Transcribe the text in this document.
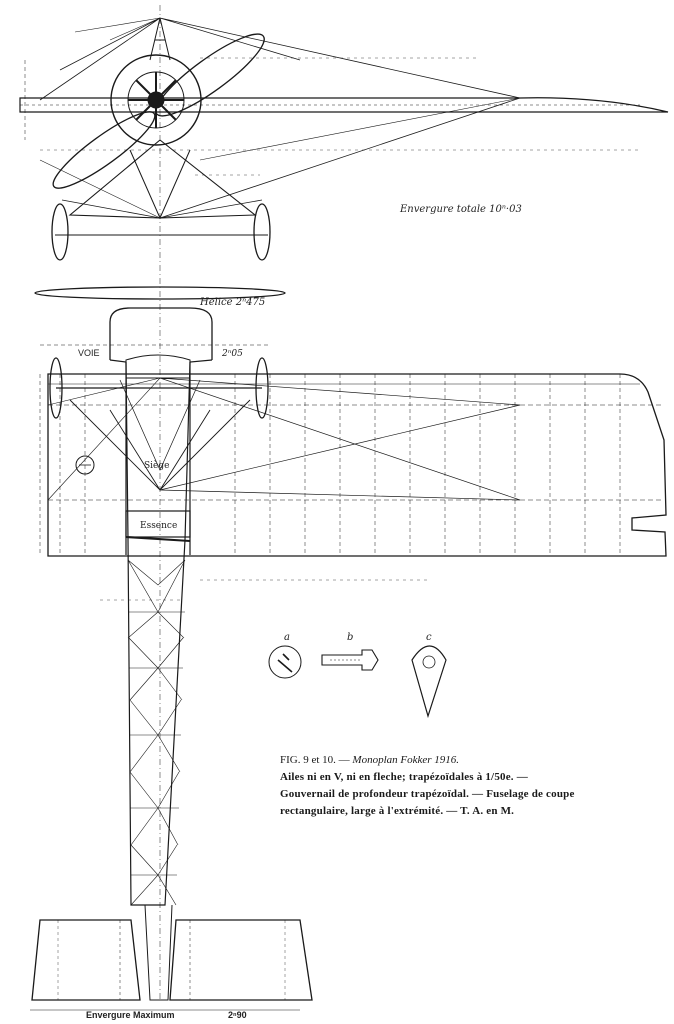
Envergure totale 10ⁿ·03
Helice 2ⁿ475
VOIE	2ⁿ05
Siège
Essence
Envergure Maximum	2ⁿ90
a	b	c
FIG. 9 et 10. — Monoplan Fokker 1916.
Ailes ni en V, ni en fleche; trapézoïdales à 1/50e. — Gouvernail de profondeur trapézoïdal. — Fuselage de coupe rectangulaire, large à l'extrémité. — T. A. en M.
